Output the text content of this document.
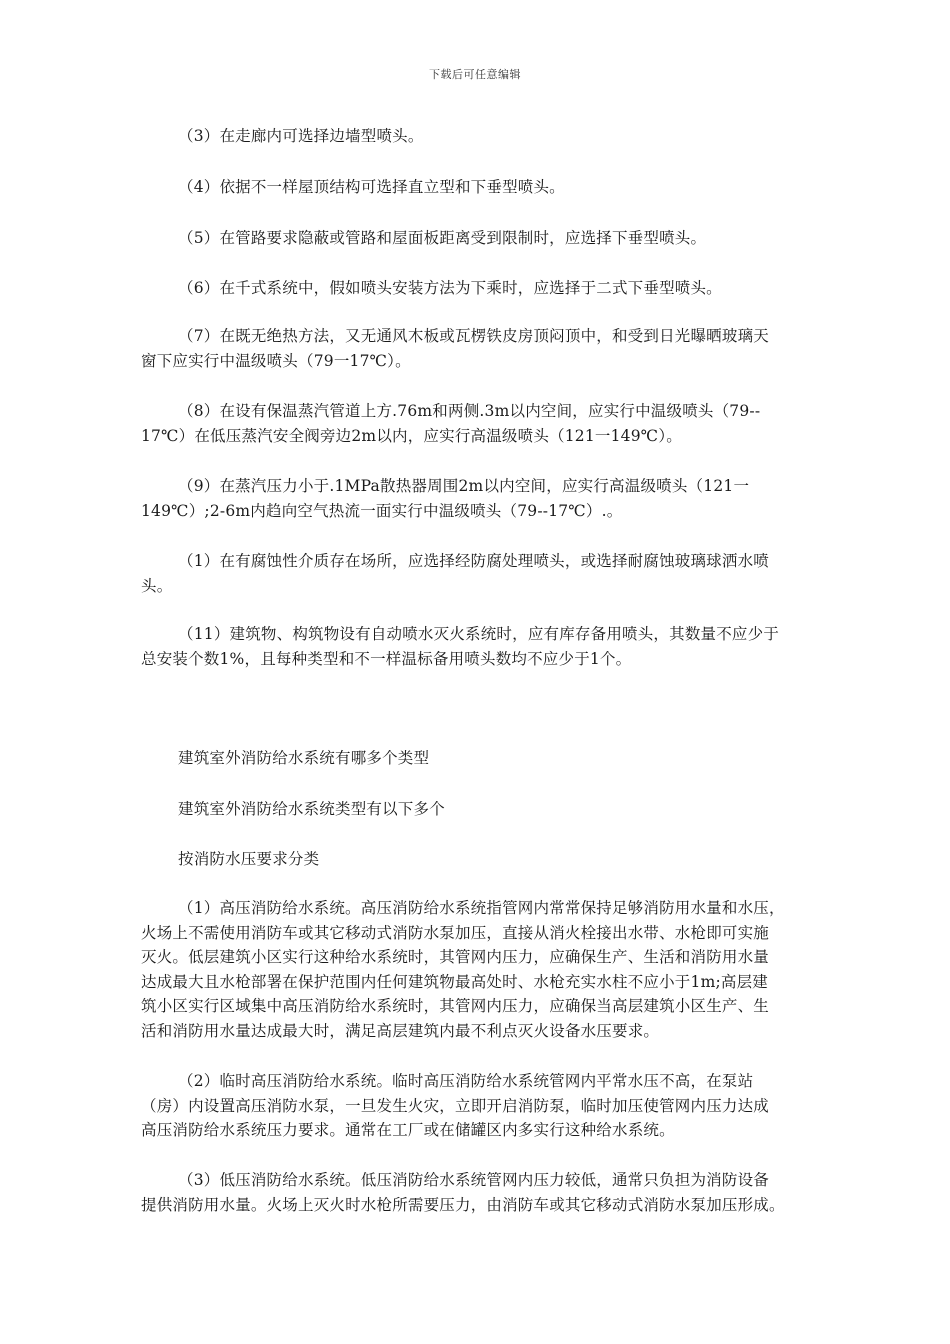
下载后可任意编辑
（3）在走廊内可选择边墙型喷头。
（4）依据不一样屋顶结构可选择直立型和下垂型喷头。
（5）在管路要求隐蔽或管路和屋面板距离受到限制时，应选择下垂型喷头。
（6）在千式系统中，假如喷头安装方法为下乘时，应选择于二式下垂型喷头。
（7）在既无绝热方法，又无通风木板或瓦楞铁皮房顶闷顶中，和受到日光曝晒玻璃天
窗下应实行中温级喷头（79一17℃）。
（8）在设有保温蒸汽管道上方.76m和两侧.3m以内空间，应实行中温级喷头（79--
17℃）在低压蒸汽安全阀旁边2m以内，应实行高温级喷头（121一149℃）。
（9）在蒸汽压力小于.1MPa散热器周围2m以内空间，应实行高温级喷头（121一
149℃）;2-6m内趋向空气热流一面实行中温级喷头（79--17℃）.。
（1）在有腐蚀性介质存在场所，应选择经防腐处理喷头，或选择耐腐蚀玻璃球洒水喷
头。
（11）建筑物、构筑物设有自动喷水灭火系统时，应有库存备用喷头，其数量不应少于
总安装个数1%，且每种类型和不一样温标备用喷头数均不应少于1个。
建筑室外消防给水系统有哪多个类型
建筑室外消防给水系统类型有以下多个
按消防水压要求分类
（1）高压消防给水系统。高压消防给水系统指管网内常常保持足够消防用水量和水压，
火场上不需使用消防车或其它移动式消防水泵加压，直接从消火栓接出水带、水枪即可实施
灭火。低层建筑小区实行这种给水系统时，其管网内压力，应确保生产、生活和消防用水量
达成最大且水枪部署在保护范围内任何建筑物最高处时、水枪充实水柱不应小于1m;高层建
筑小区实行区域集中高压消防给水系统时，其管网内压力，应确保当高层建筑小区生产、生
活和消防用水量达成最大时，满足高层建筑内最不利点灭火设备水压要求。
（2）临时高压消防给水系统。临时高压消防给水系统管网内平常水压不高，在泵站
（房）内设置高压消防水泵，一旦发生火灾，立即开启消防泵，临时加压使管网内压力达成
高压消防给水系统压力要求。通常在工厂或在储罐区内多实行这种给水系统。
（3）低压消防给水系统。低压消防给水系统管网内压力较低，通常只负担为消防设备
提供消防用水量。火场上灭火时水枪所需要压力，由消防车或其它移动式消防水泵加压形成。
